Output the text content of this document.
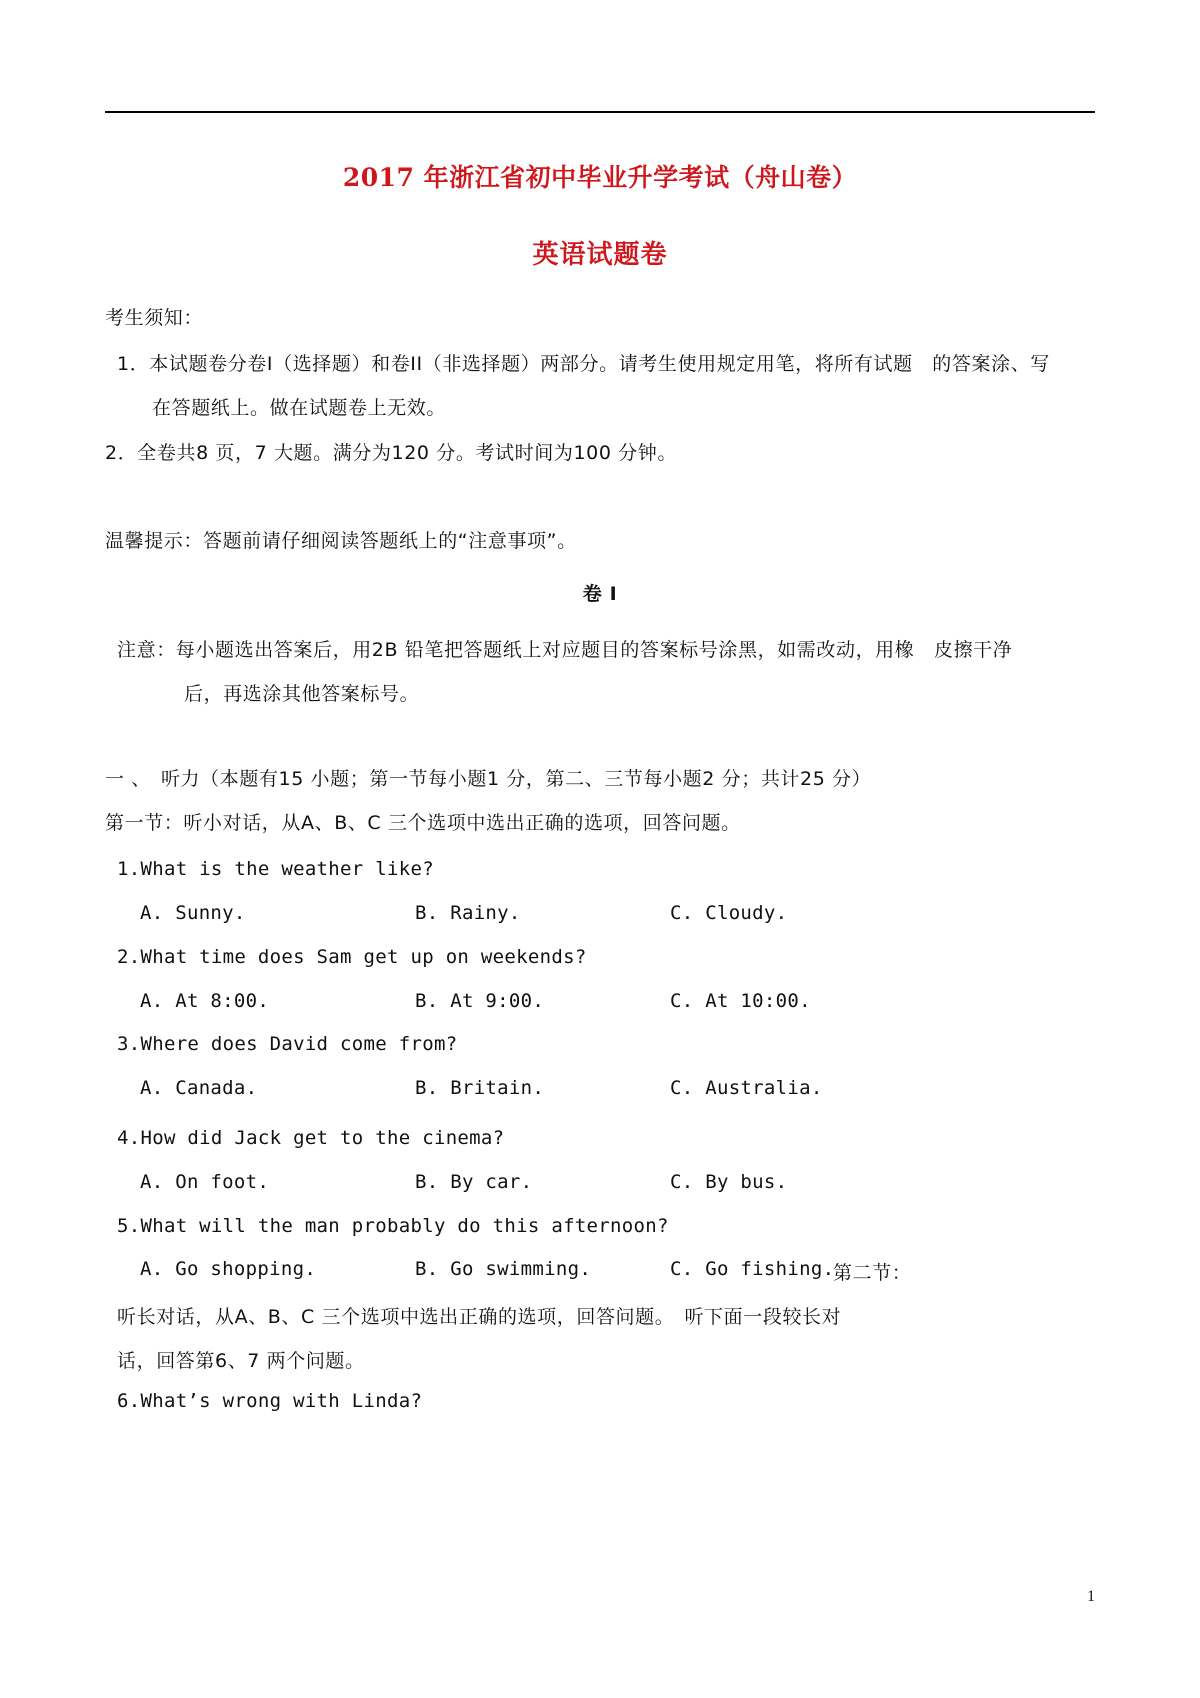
2017 年浙江省初中毕业升学考试（舟山卷）
英语试题卷
考生须知：
1．本试题卷分卷I（选择题）和卷II（非选择题）两部分。请考生使用规定用笔，将所有试题　的答案涂、写
在答题纸上。做在试题卷上无效。
2．全卷共8 页，7 大题。满分为120 分。考试时间为100 分钟。
温馨提示：答题前请仔细阅读答题纸上的“注意事项”。
卷 I
注意：每小题选出答案后，用2B 铅笔把答题纸上对应题目的答案标号涂黑，如需改动，用橡　皮擦干净
后，再选涂其他答案标号。
一 、　听力（本题有15 小题；第一节每小题1 分，第二、三节每小题2 分；共计25 分）
第一节：听小对话，从A、B、C 三个选项中选出正确的选项，回答问题。
1.What is the weather like?
A. Sunny.	B. Rainy.	C. Cloudy.
2.What time does Sam get up on weekends?
A. At 8:00.	B. At 9:00.	C. At 10:00.
3.Where does David come from?
A. Canada.	B. Britain.	C. Australia.
4.How did Jack get to the cinema?
A. On foot.	B. By car.	C. By bus.
5.What will the man probably do this afternoon?
A. Go shopping.	B. Go swimming.	C. Go fishing.
第二节：
听长对话，从A、B、C 三个选项中选出正确的选项，回答问题。　听下面一段较长对
话，回答第6、7 两个问题。
6.What’s wrong with Linda?
1
